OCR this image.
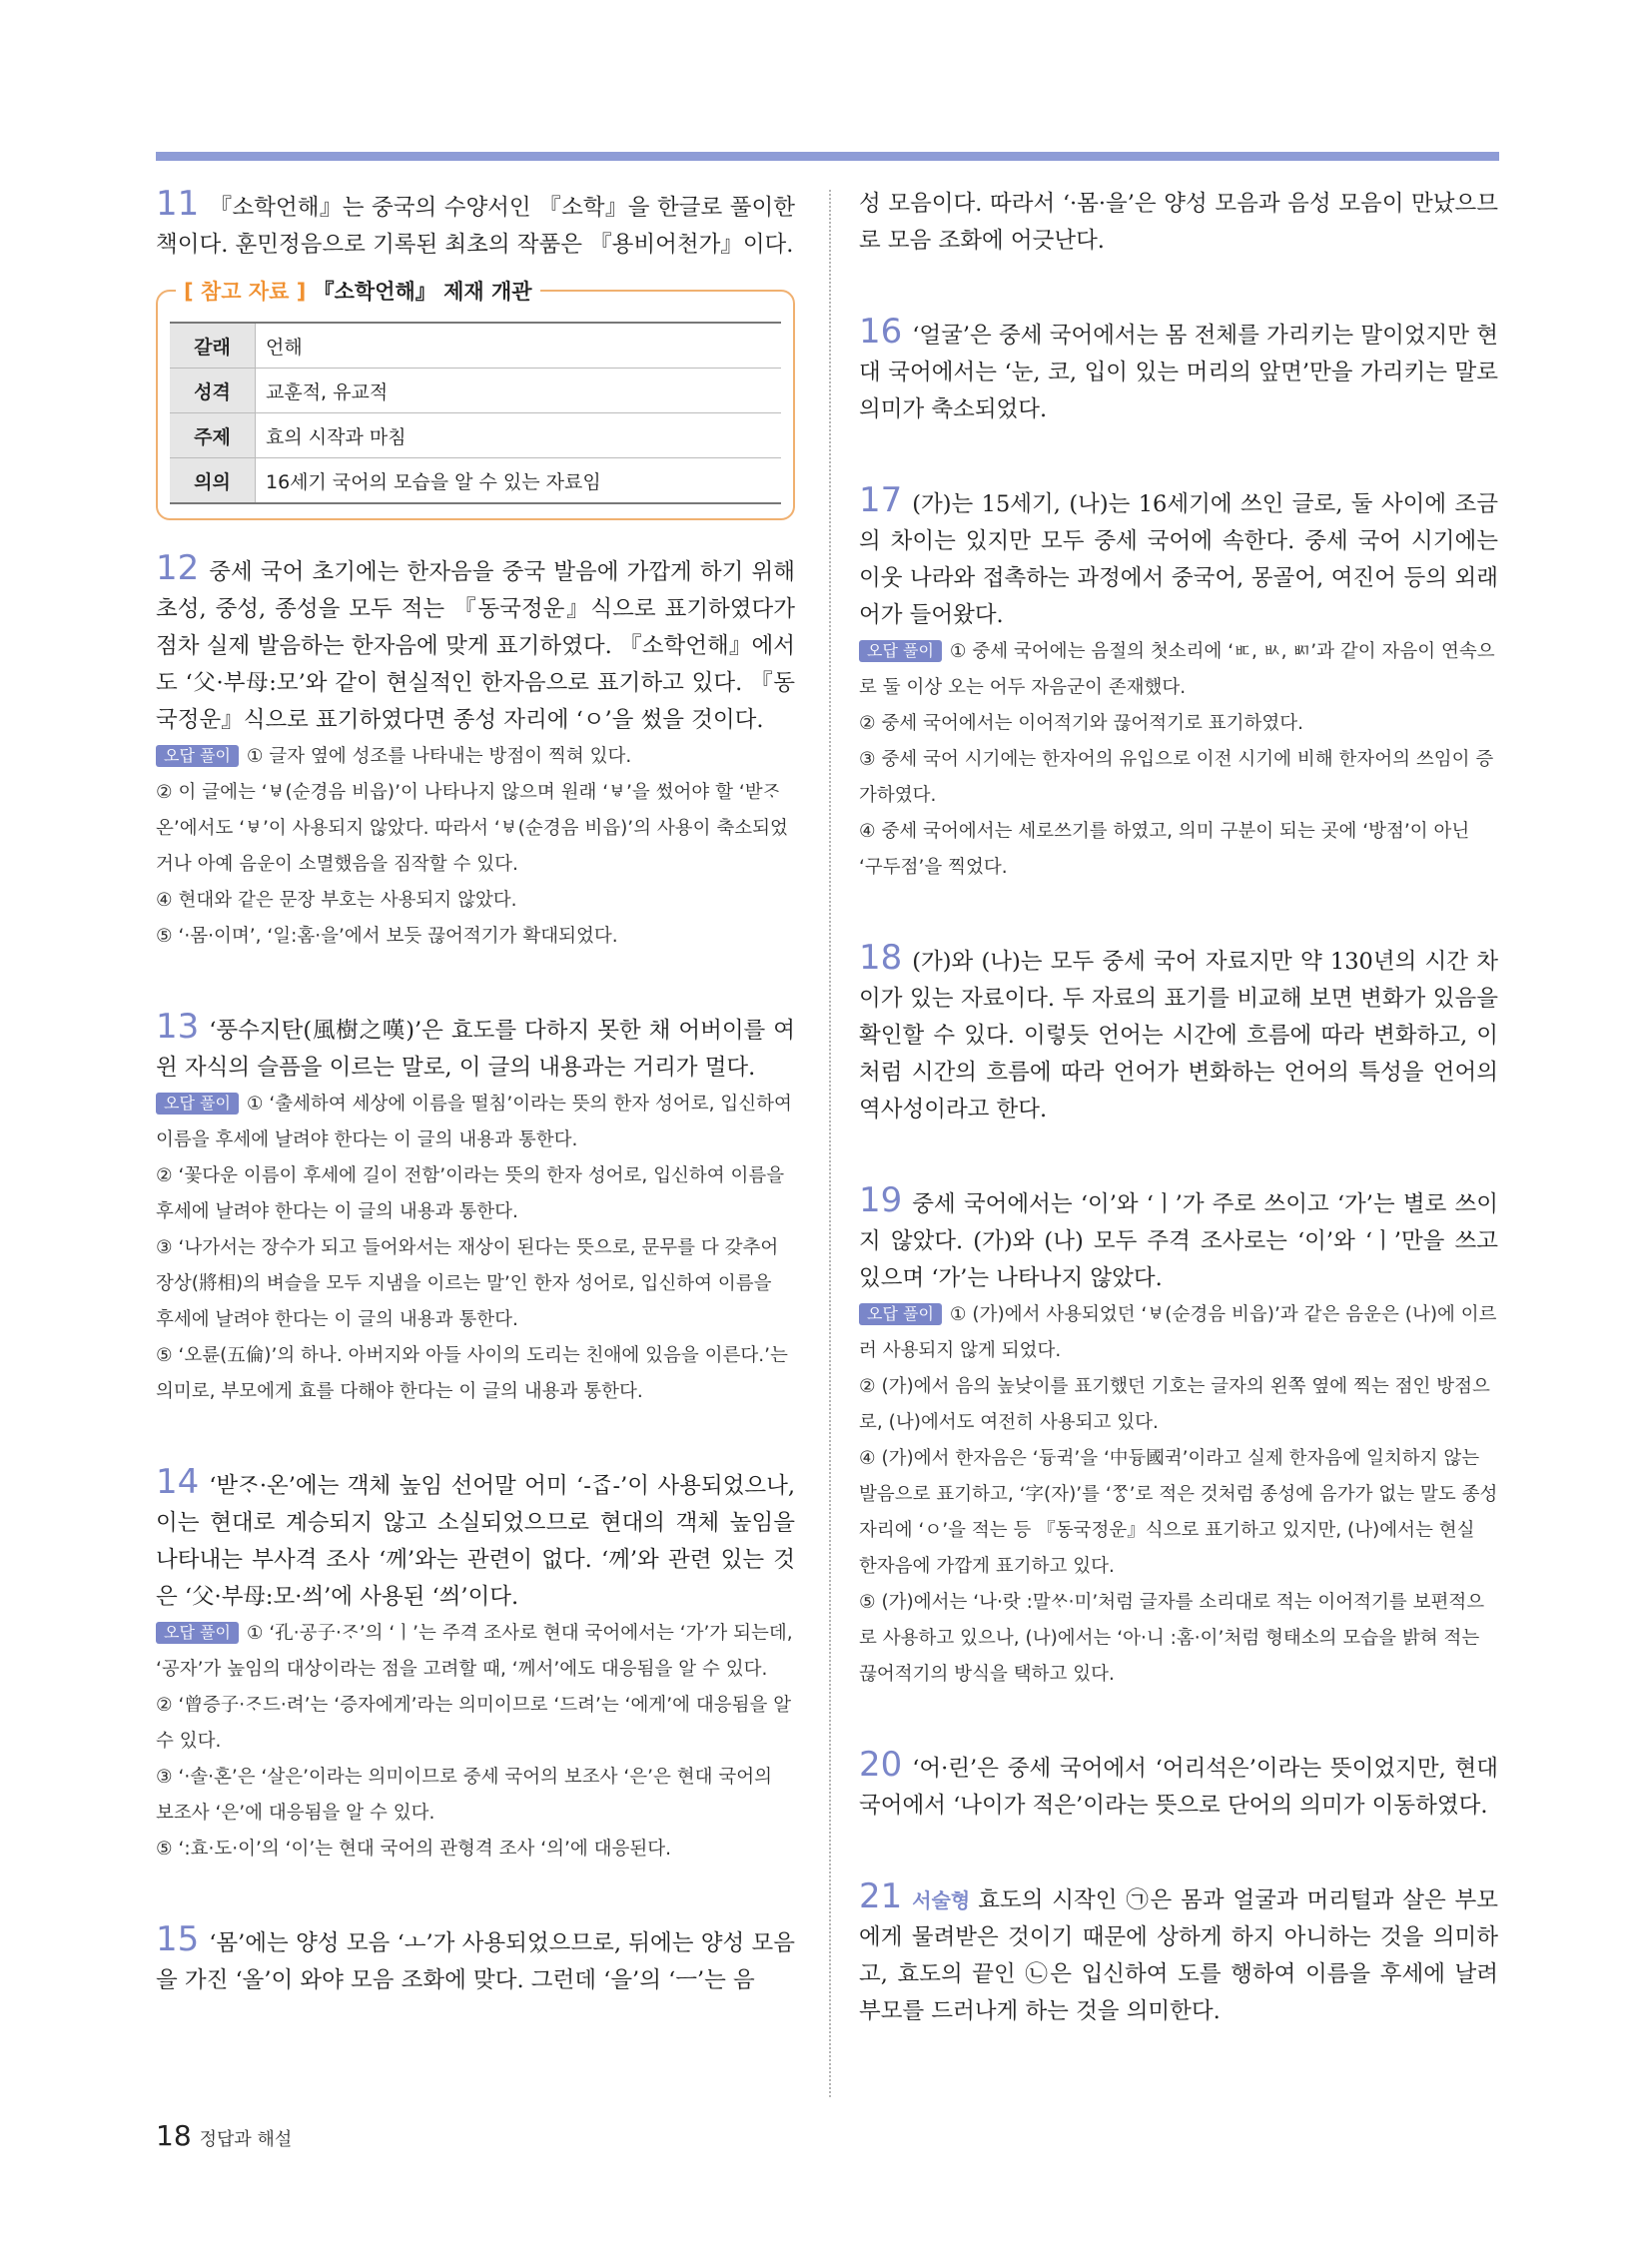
11 『소학언해』는 중국의 수양서인 『소학』을 한글로 풀이한 책이다. 훈민정음으로 기록된 최초의 작품은 『용비어천가』이다.

[ 참고 자료 ] 『소학언해』 제재 개관
갈래	언해
성격	교훈적, 유교적
주제	효의 시작과 마침
의의	16세기 국어의 모습을 알 수 있는 자료임

12 중세 국어 초기에는 한자음을 중국 발음에 가깝게 하기 위해 초성, 중성, 종성을 모두 적는 『동국정운』식으로 표기하였다가 점차 실제 발음하는 한자음에 맞게 표기하였다. 『소학언해』에서도 ‘父·부母:모’와 같이 현실적인 한자음으로 표기하고 있다. 『동국정운』식으로 표기하였다면 종성 자리에 ‘ㅇ’을 썼을 것이다.

오답 풀이 ① 글자 옆에 성조를 나타내는 방점이 찍혀 있다.

② 이 글에는 ‘ㅸ(순경음 비읍)’이 나타나지 않으며 원래 ‘ㅸ’을 썼어야 할 ‘받ᄌᆞ온’에서도 ‘ㅸ’이 사용되지 않았다. 따라서 ‘ㅸ(순경음 비읍)’의 사용이 축소되었거나 아예 음운이 소멸했음을 짐작할 수 있다.

④ 현대와 같은 문장 부호는 사용되지 않았다.

⑤ ‘·몸·이며’, ‘일:홈·을’에서 보듯 끊어적기가 확대되었다.

13 ‘풍수지탄(風樹之嘆)’은 효도를 다하지 못한 채 어버이를 여윈 자식의 슬픔을 이르는 말로, 이 글의 내용과는 거리가 멀다.

오답 풀이 ① ‘출세하여 세상에 이름을 떨침’이라는 뜻의 한자 성어로, 입신하여 이름을 후세에 날려야 한다는 이 글의 내용과 통한다.

② ‘꽃다운 이름이 후세에 길이 전함’이라는 뜻의 한자 성어로, 입신하여 이름을 후세에 날려야 한다는 이 글의 내용과 통한다.

③ ‘나가서는 장수가 되고 들어와서는 재상이 된다는 뜻으로, 문무를 다 갖추어 장상(將相)의 벼슬을 모두 지냄을 이르는 말’인 한자 성어로, 입신하여 이름을 후세에 날려야 한다는 이 글의 내용과 통한다.

⑤ ‘오륜(五倫)’의 하나. 아버지와 아들 사이의 도리는 친애에 있음을 이른다.’는 의미로, 부모에게 효를 다해야 한다는 이 글의 내용과 통한다.

14 ‘받ᄌᆞ·온’에는 객체 높임 선어말 어미 ‘-ᄌᆞᆸ-’이 사용되었으나, 이는 현대로 계승되지 않고 소실되었으므로 현대의 객체 높임을 나타내는 부사격 조사 ‘께’와는 관련이 없다. ‘께’와 관련 있는 것은 ‘父·부母:모·씌’에 사용된 ‘씌’이다.

오답 풀이 ① ‘孔·공子·ᄌᆞ’의 ‘ㅣ’는 주격 조사로 현대 국어에서는 ‘가’가 되는데, ‘공자’가 높임의 대상이라는 점을 고려할 때, ‘께서’에도 대응됨을 알 수 있다.

② ‘曾증子·ᄌᆞ드·려’는 ‘증자에게’라는 의미이므로 ‘드려’는 ‘에게’에 대응됨을 알 수 있다.

③ ‘·솔·혼’은 ‘살은’이라는 의미이므로 중세 국어의 보조사 ‘은’은 현대 국어의 보조사 ‘은’에 대응됨을 알 수 있다.

⑤ ‘:효·도·이’의 ‘이’는 현대 국어의 관형격 조사 ‘의’에 대응된다.

15 ‘몸’에는 양성 모음 ‘ㅗ’가 사용되었으므로, 뒤에는 양성 모음을 가진 ‘올’이 와야 모음 조화에 맞다. 그런데 ‘을’의 ‘ㅡ’는 음

성 모음이다. 따라서 ‘·몸·을’은 양성 모음과 음성 모음이 만났으므로 모음 조화에 어긋난다.

16 ‘얼굴’은 중세 국어에서는 몸 전체를 가리키는 말이었지만 현대 국어에서는 ‘눈, 코, 입이 있는 머리의 앞면’만을 가리키는 말로 의미가 축소되었다.

17 (가)는 15세기, (나)는 16세기에 쓰인 글로, 둘 사이에 조금의 차이는 있지만 모두 중세 국어에 속한다. 중세 국어 시기에는 이웃 나라와 접촉하는 과정에서 중국어, 몽골어, 여진어 등의 외래어가 들어왔다.

오답 풀이 ① 중세 국어에는 음절의 첫소리에 ‘ㅳ, ㅄ, ㅴ’과 같이 자음이 연속으로 둘 이상 오는 어두 자음군이 존재했다.

② 중세 국어에서는 이어적기와 끊어적기로 표기하였다.

③ 중세 국어 시기에는 한자어의 유입으로 이전 시기에 비해 한자어의 쓰임이 증가하였다.

④ 중세 국어에서는 세로쓰기를 하였고, 의미 구분이 되는 곳에 ‘방점’이 아닌 ‘구두점’을 찍었다.

18 (가)와 (나)는 모두 중세 국어 자료지만 약 130년의 시간 차이가 있는 자료이다. 두 자료의 표기를 비교해 보면 변화가 있음을 확인할 수 있다. 이렇듯 언어는 시간에 흐름에 따라 변화하고, 이처럼 시간의 흐름에 따라 언어가 변화하는 언어의 특성을 언어의 역사성이라고 한다.

19 중세 국어에서는 ‘이’와 ‘ㅣ’가 주로 쓰이고 ‘가’는 별로 쓰이지 않았다. (가)와 (나) 모두 주격 조사로는 ‘이’와 ‘ㅣ’만을 쓰고 있으며 ‘가’는 나타나지 않았다.

오답 풀이 ① (가)에서 사용되었던 ‘ㅸ(순경음 비읍)’과 같은 음운은 (나)에 이르러 사용되지 않게 되었다.

② (가)에서 음의 높낮이를 표기했던 기호는 글자의 왼쪽 옆에 찍는 점인 방점으로, (나)에서도 여전히 사용되고 있다.

④ (가)에서 한자음은 ‘듕귁’을 ‘中듕國귁’이라고 실제 한자음에 일치하지 않는 발음으로 표기하고, ‘字(자)’를 ‘ᄍᆞᆼ’로 적은 것처럼 종성에 음가가 없는 말도 종성 자리에 ‘ㅇ’을 적는 등 『동국정운』식으로 표기하고 있지만, (나)에서는 현실 한자음에 가깝게 표기하고 있다.

⑤ (가)에서는 ‘나·랏 :말ᄊᆞ·미’처럼 글자를 소리대로 적는 이어적기를 보편적으로 사용하고 있으나, (나)에서는 ‘아·니 :홈·이’처럼 형태소의 모습을 밝혀 적는 끊어적기의 방식을 택하고 있다.

20 ‘어·린’은 중세 국어에서 ‘어리석은’이라는 뜻이었지만, 현대 국어에서 ‘나이가 적은’이라는 뜻으로 단어의 의미가 이동하였다.

21 서술형 효도의 시작인 ㉠은 몸과 얼굴과 머리털과 살은 부모에게 물려받은 것이기 때문에 상하게 하지 아니하는 것을 의미하고, 효도의 끝인 ㉡은 입신하여 도를 행하여 이름을 후세에 날려 부모를 드러나게 하는 것을 의미한다.

18 정답과 해설
